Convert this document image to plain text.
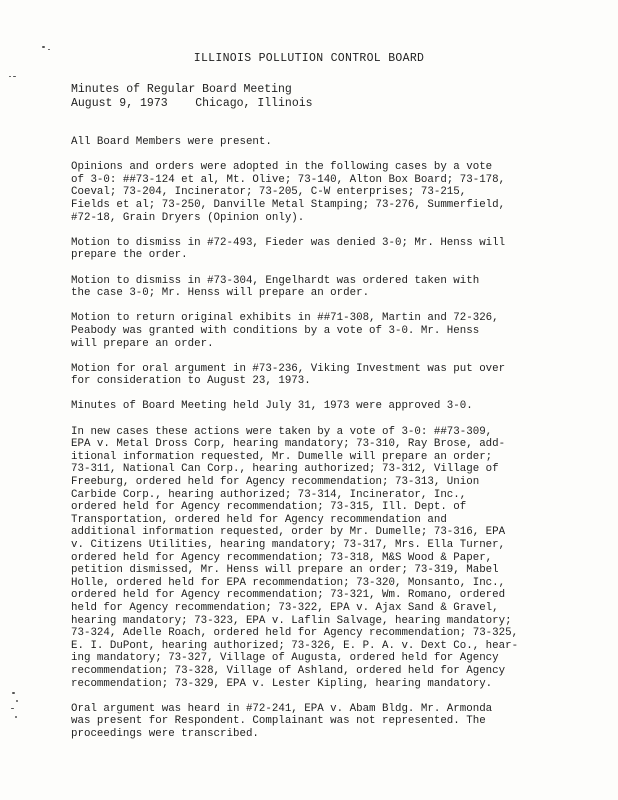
ILLINOIS POLLUTION CONTROL BOARD
Minutes of Regular Board Meeting
August 9, 1973    Chicago, Illinois
All Board Members were present.
Opinions and orders were adopted in the following cases by a vote
of 3-0: ##73-124 et al, Mt. Olive; 73-140, Alton Box Board; 73-178,
Coeval; 73-204, Incinerator; 73-205, C-W enterprises; 73-215,
Fields et al; 73-250, Danville Metal Stamping; 73-276, Summerfield,
#72-18, Grain Dryers (Opinion only).
Motion to dismiss in #72-493, Fieder was denied 3-0; Mr. Henss will
prepare the order.
Motion to dismiss in #73-304, Engelhardt was ordered taken with
the case 3-0; Mr. Henss will prepare an order.
Motion to return original exhibits in ##71-308, Martin and 72-326,
Peabody was granted with conditions by a vote of 3-0. Mr. Henss
will prepare an order.
Motion for oral argument in #73-236, Viking Investment was put over
for consideration to August 23, 1973.
Minutes of Board Meeting held July 31, 1973 were approved 3-0.
In new cases these actions were taken by a vote of 3-0: ##73-309,
EPA v. Metal Dross Corp, hearing mandatory; 73-310, Ray Brose, add-
itional information requested, Mr. Dumelle will prepare an order;
73-311, National Can Corp., hearing authorized; 73-312, Village of
Freeburg, ordered held for Agency recommendation; 73-313, Union
Carbide Corp., hearing authorized; 73-314, Incinerator, Inc.,
ordered held for Agency recommendation; 73-315, Ill. Dept. of
Transportation, ordered held for Agency recommendation and
additional information requested, order by Mr. Dumelle; 73-316, EPA
v. Citizens Utilities, hearing mandatory; 73-317, Mrs. Ella Turner,
ordered held for Agency recommendation; 73-318, M&S Wood & Paper,
petition dismissed, Mr. Henss will prepare an order; 73-319, Mabel
Holle, ordered held for EPA recommendation; 73-320, Monsanto, Inc.,
ordered held for Agency recommendation; 73-321, Wm. Romano, ordered
held for Agency recommendation; 73-322, EPA v. Ajax Sand & Gravel,
hearing mandatory; 73-323, EPA v. Laflin Salvage, hearing mandatory;
73-324, Adelle Roach, ordered held for Agency recommendation; 73-325,
E. I. DuPont, hearing authorized; 73-326, E. P. A. v. Dext Co., hear-
ing mandatory; 73-327, Village of Augusta, ordered held for Agency
recommendation; 73-328, Village of Ashland, ordered held for Agency
recommendation; 73-329, EPA v. Lester Kipling, hearing mandatory.
Oral argument was heard in #72-241, EPA v. Abam Bldg. Mr. Armonda
was present for Respondent. Complainant was not represented. The
proceedings were transcribed.
